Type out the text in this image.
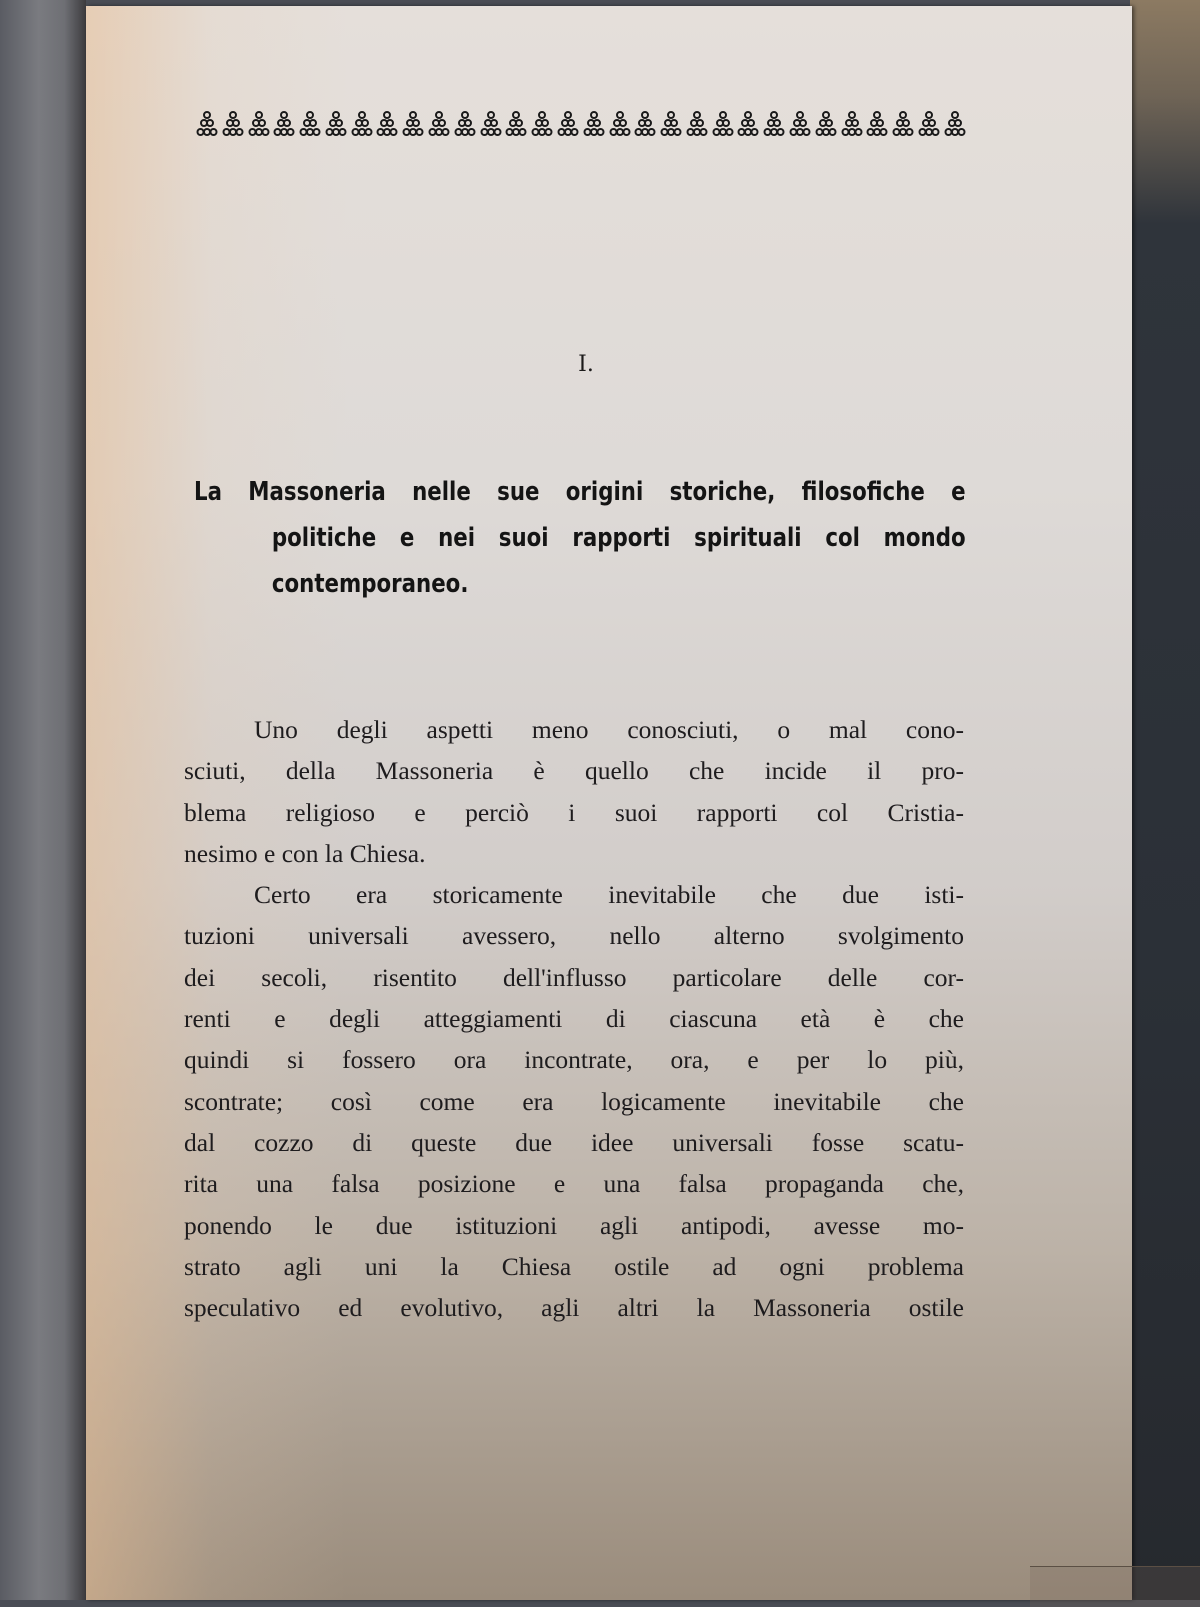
I.
La Massoneria nelle sue origini storiche, filosofiche e
politiche e nei suoi rapporti spirituali col mondo
contemporaneo.
Uno degli aspetti meno conosciuti, o mal cono-
sciuti, della Massoneria è quello che incide il pro-
blema religioso e perciò i suoi rapporti col Cristia-
nesimo e con la Chiesa.
Certo era storicamente inevitabile che due isti-
tuzioni universali avessero, nello alterno svolgimento
dei secoli, risentito dell'influsso particolare delle cor-
renti e degli atteggiamenti di ciascuna età è che
quindi si fossero ora incontrate, ora, e per lo più,
scontrate; così come era logicamente inevitabile che
dal cozzo di queste due idee universali fosse scatu-
rita una falsa posizione e una falsa propaganda che,
ponendo le due istituzioni agli antipodi, avesse mo-
strato agli uni la Chiesa ostile ad ogni problema
speculativo ed evolutivo, agli altri la Massoneria ostile
